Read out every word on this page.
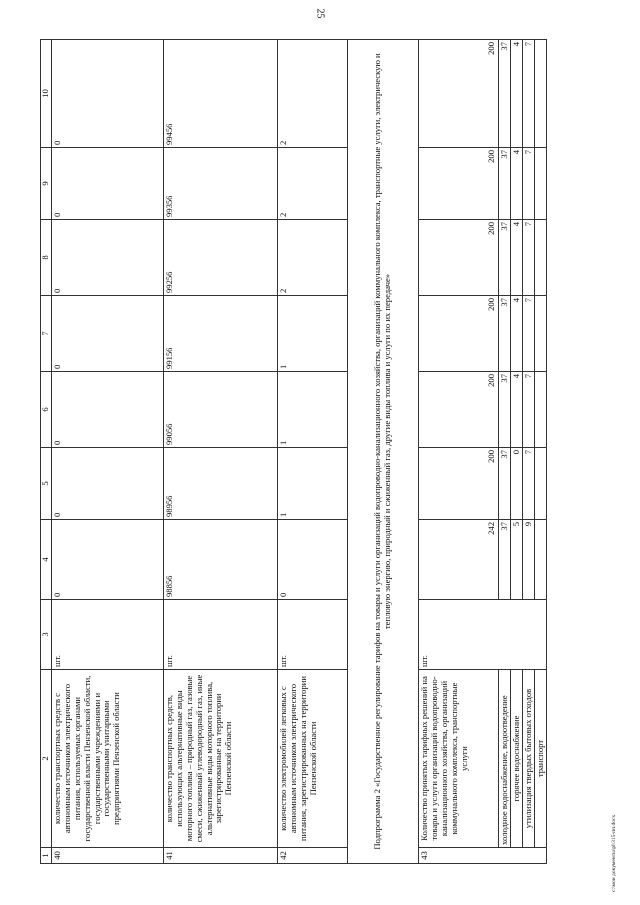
25
1	2	3	4	5	6	7	8	9	10
40	количество транспортных средств с автономным источником электрического питания, используемых органами государственной власти Пензенской области, государственными учреждениями и государственными унитарными предприятиями Пензенской области	шт.	0	0	0	0	0	0	0
41	количество транспортных средств, использующих альтернативные виды моторного топлива – природный газ, газовые смеси, сжиженный углеводородный газ, иные альтернативные виды моторного топлива, зарегистрированные на территории Пензенской области	шт.	98856	98956	99056	99156	99256	99356	99456
42	количество электромобилей легковых с автономным источником электрического питания, зарегистрированных на территории Пензенской области	шт.	0	1	1	1	2	2	2
Подпрограмма 2 «Государственное регулирование тарифов на товары и услуги организаций водопроводно-канализационного хозяйства, организаций коммунального комплекса, транспортные услуги, электрическую и тепловую энергию, природный и сжиженный газ, другие виды топлива и услуги по их передаче»									
43	Количество принятых тарифных решений на товары и услуги организаций водопроводно-канализационного хозяйства, организаций коммунального комплекса, транспортные услуги	шт.	242	200	200	200	200	200	200
	холодное водоснабжение, водоотведение		37	37	37	37	37	37	37
	горячее водоснабжение		5	0	4	4	4	4	4
	утилизация твердых бытовых отходов		9	7	7	7	7	7	7
	транспорт								
c:\мои документы\pl\315-пп.docx
